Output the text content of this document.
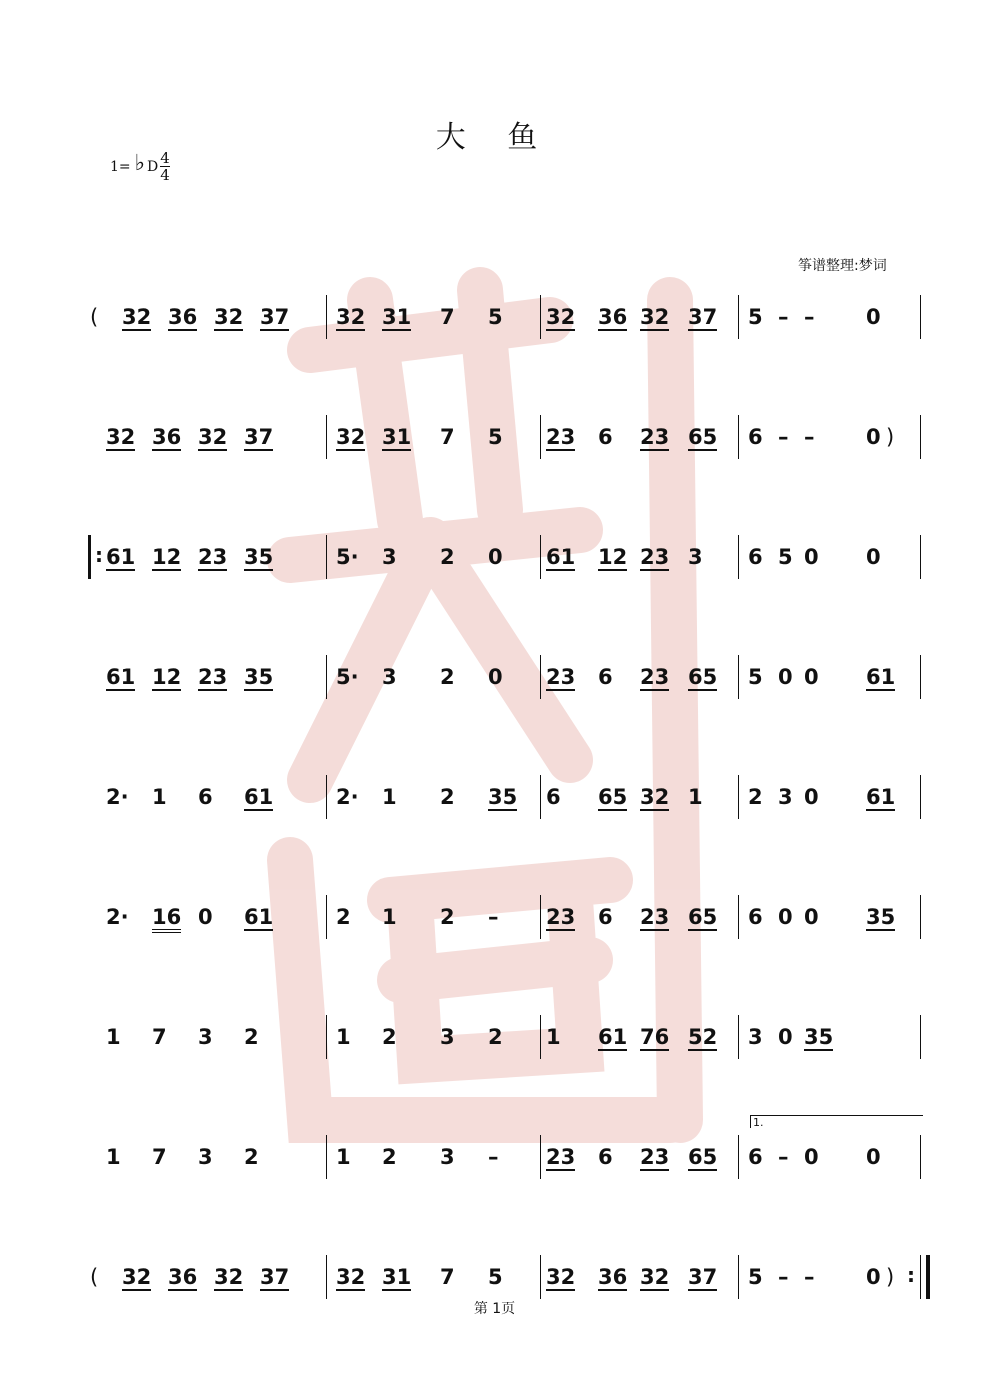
大 鱼
1= ♭ D $\frac{4}{4}$
筝谱整理:梦词
( 32 36 32 37 32 31 7 5 32 36 32 37 5 – – 0
32 36 32 37	32 31 7 5 23 6 23 65 6 – – 0 )
:
61 12 23 35	5· 3 2 0 61 12 23 3 6 5 0 0
61 12 23 35	5· 3 2 0 23 6 23 65 5 0 0 61
2· 1 6 61	2· 1 2 35 6 65 32 1 2 3 0 61
2· 16 0 61	2 1 2 – 23 6 23 65 6 0 0 35
1 7 3 2	1 2 3 2 1 61 76 52 3 0 35
1 7 3 2	1 2 3 – 23 6 23 65 6 – 0 0
( 32 36 32 37 32 31 7 5 32 36 32 37 5 – – 0 )
:
1.
第 1页
